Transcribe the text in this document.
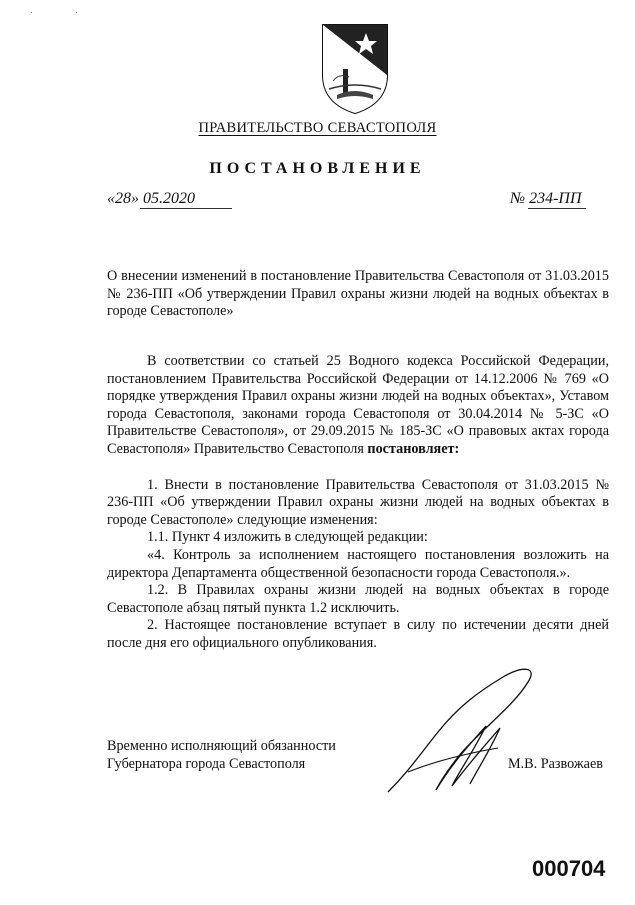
ᐧ	ᐧ
ПРАВИТЕЛЬСТВО СЕВАСТОПОЛЯ
ПОСТАНОВЛЕНИЕ
«28» 05.2020	№ 234-ПП
О внесении изменений в постановление Правительства Севастополя от 31.03.2015 № 236-ПП «Об утверждении Правил охраны жизни людей на водных объектах в городе Севастополе»

В соответствии со статьей 25 Водного кодекса Российской Федерации, постановлением Правительства Российской Федерации от 14.12.2006 № 769 «О порядке утверждения Правил охраны жизни людей на водных объектах», Уставом города Севастополя, законами города Севастополя от 30.04.2014 № 5-ЗС «О Правительстве Севастополя», от 29.09.2015 № 185-ЗС «О правовых актах города Севастополя» Правительство Севастополя постановляет:

1. Внести в постановление Правительства Севастополя от 31.03.2015 № 236-ПП «Об утверждении Правил охраны жизни людей на водных объектах в городе Севастополе» следующие изменения:

1.1. Пункт 4 изложить в следующей редакции:

«4. Контроль за исполнением настоящего постановления возложить на директора Департамента общественной безопасности города Севастополя.».

1.2. В Правилах охраны жизни людей на водных объектах в городе Севастополе абзац пятый пункта 1.2 исключить.

2. Настоящее постановление вступает в силу по истечении десяти дней после дня его официального опубликования.

Временно исполняющий обязанности
Губернатора города Севастополя	М.В. Развожаев
000704
